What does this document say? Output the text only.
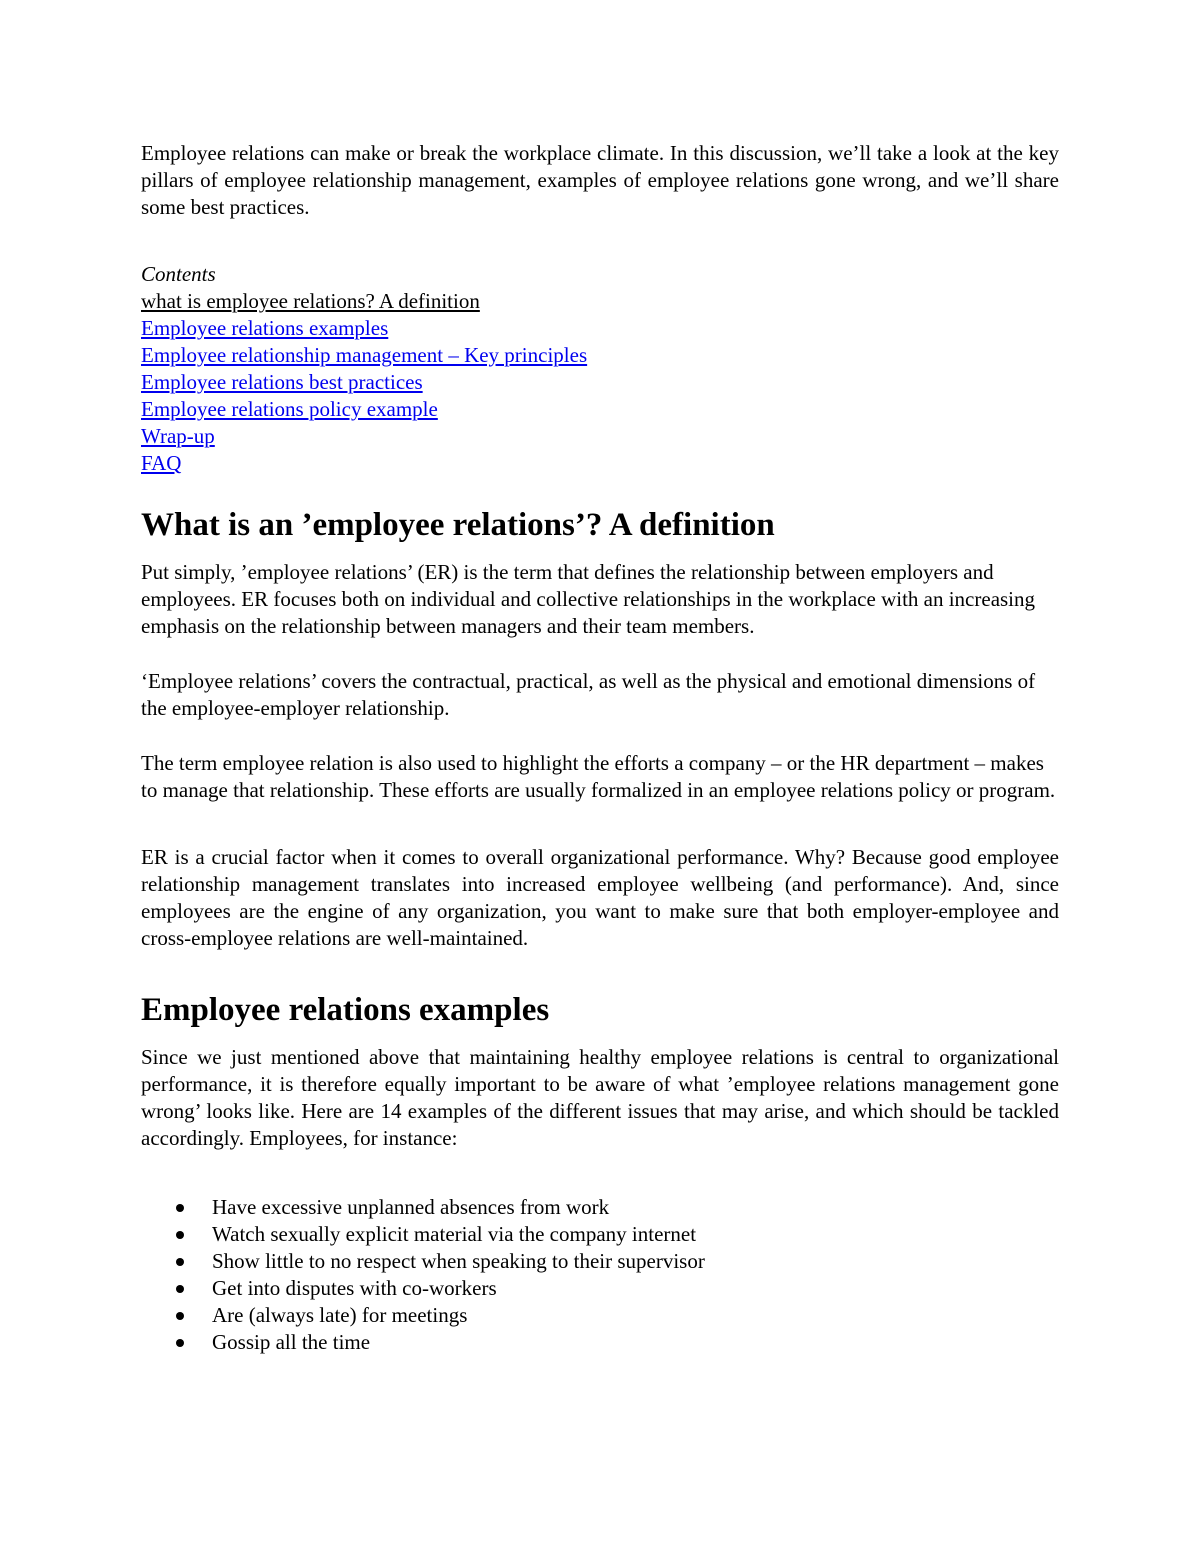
Employee relations can make or break the workplace climate. In this discussion, we’ll take a look at the key pillars of employee relationship management, examples of employee relations gone wrong, and we’ll share some best practices.

Contents

what is employee relations? A definition
Employee relations examples
Employee relationship management – Key principles
Employee relations best practices
Employee relations policy example
Wrap-up
FAQ
What is an ’employee relations’? A definition

Put simply, ’employee relations’ (ER) is the term that defines the relationship between employers and employees. ER focuses both on individual and collective relationships in the workplace with an increasing emphasis on the relationship between managers and their team members.

‘Employee relations’ covers the contractual, practical, as well as the physical and emotional dimensions of the employee-employer relationship.

The term employee relation is also used to highlight the efforts a company – or the HR department – makes to manage that relationship. These efforts are usually formalized in an employee relations policy or program.

ER is a crucial factor when it comes to overall organizational performance. Why? Because good employee relationship management translates into increased employee wellbeing (and performance). And, since employees are the engine of any organization, you want to make sure that both employer-employee and cross-employee relations are well-maintained.

Employee relations examples

Since we just mentioned above that maintaining healthy employee relations is central to organizational performance, it is therefore equally important to be aware of what ’employee relations management gone wrong’ looks like. Here are 14 examples of the different issues that may arise, and which should be tackled accordingly. Employees, for instance:

Have excessive unplanned absences from work
Watch sexually explicit material via the company internet
Show little to no respect when speaking to their supervisor
Get into disputes with co-workers
Are (always late) for meetings
Gossip all the time
